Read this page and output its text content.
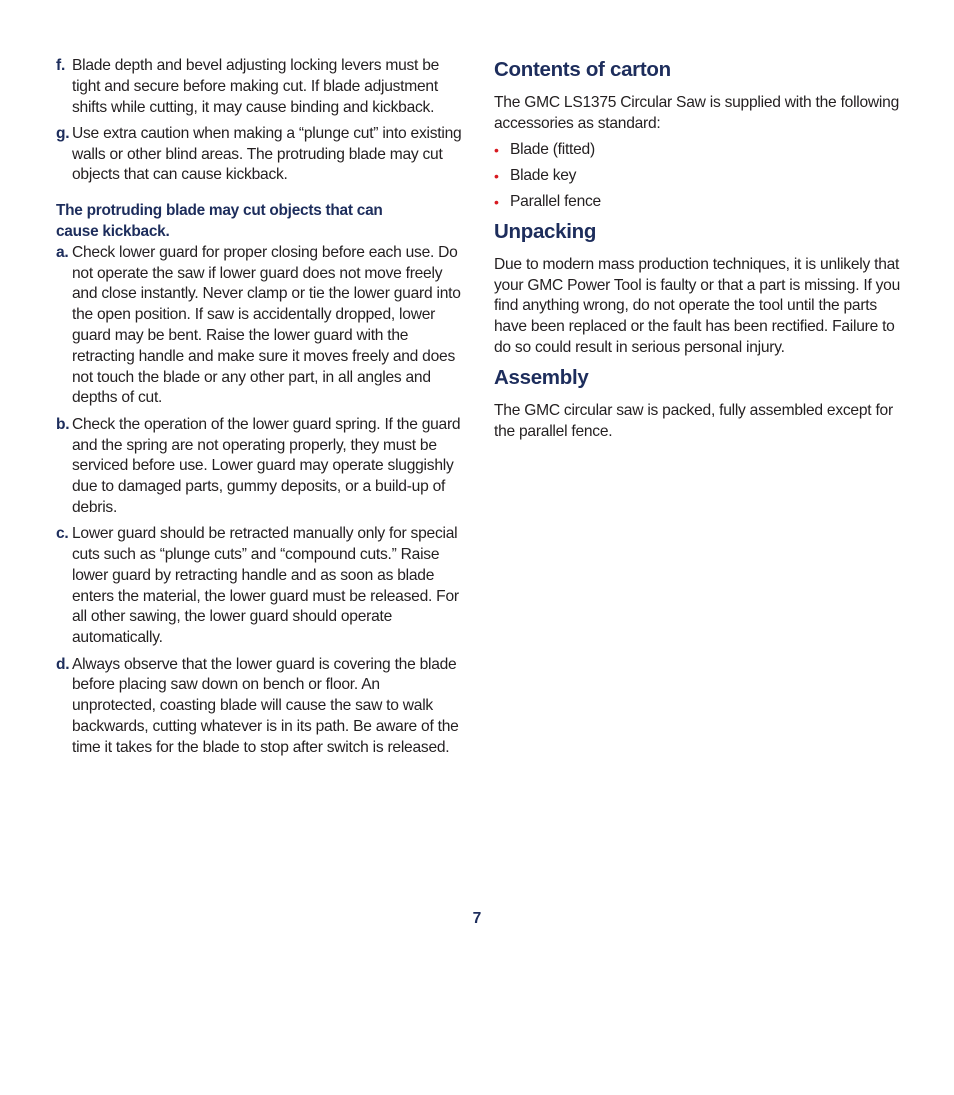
f. Blade depth and bevel adjusting locking levers must be tight and secure before making cut. If blade adjustment shifts while cutting, it may cause binding and kickback.
g. Use extra caution when making a “plunge cut” into existing walls or other blind areas. The protruding blade may cut objects that can cause kickback.
The protruding blade may cut objects that can cause kickback.
a. Check lower guard for proper closing before each use. Do not operate the saw if lower guard does not move freely and close instantly. Never clamp or tie the lower guard into the open position. If saw is accidentally dropped, lower guard may be bent. Raise the lower guard with the retracting handle and make sure it moves freely and does not touch the blade or any other part, in all angles and depths of cut.
b. Check the operation of the lower guard spring. If the guard and the spring are not operating properly, they must be serviced before use. Lower guard may operate sluggishly due to damaged parts, gummy deposits, or a build-up of debris.
c. Lower guard should be retracted manually only for special cuts such as “plunge cuts” and “compound cuts.” Raise lower guard by retracting handle and as soon as blade enters the material, the lower guard must be released. For all other sawing, the lower guard should operate automatically.
d. Always observe that the lower guard is covering the blade before placing saw down on bench or floor. An unprotected, coasting blade will cause the saw to walk backwards, cutting whatever is in its path. Be aware of the time it takes for the blade to stop after switch is released.
Contents of carton

The GMC LS1375 Circular Saw is supplied with the following accessories as standard:

• Blade (fitted)
• Blade key
• Parallel fence
Unpacking

Due to modern mass production techniques, it is unlikely that your GMC Power Tool is faulty or that a part is missing. If you find anything wrong, do not operate the tool until the parts have been replaced or the fault has been rectified. Failure to do so could result in serious personal injury.

Assembly

The GMC circular saw is packed, fully assembled except for the parallel fence.

7
